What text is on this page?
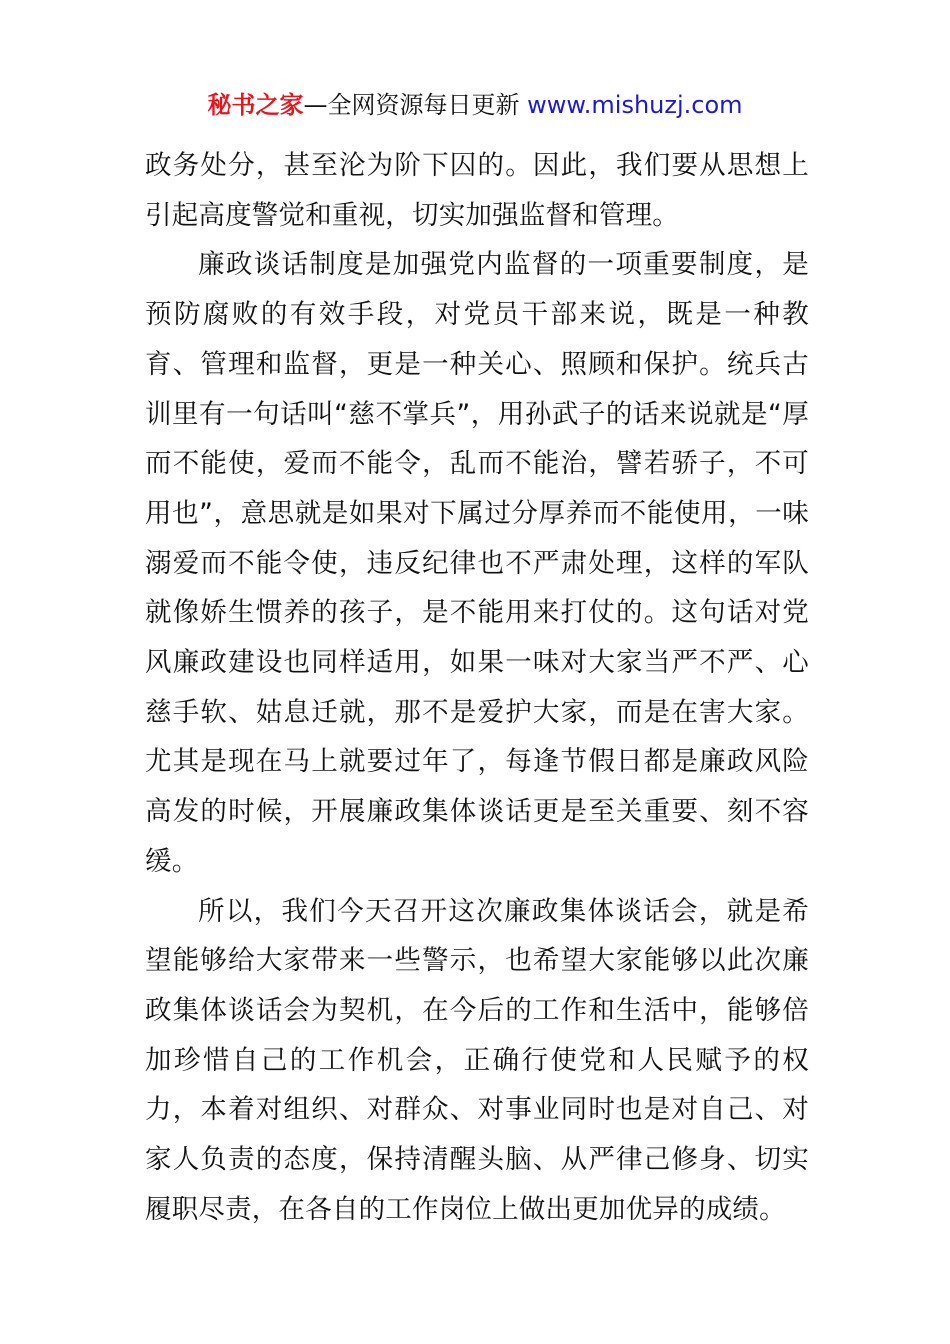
秘书之家—全网资源每日更新 www.mishuzj.com

政务处分，甚至沦为阶下囚的。因此，我们要从思想上引起高度警觉和重视，切实加强监督和管理。

廉政谈话制度是加强党内监督的一项重要制度，是预防腐败的有效手段，对党员干部来说，既是一种教育、管理和监督，更是一种关心、照顾和保护。统兵古训里有一句话叫“慈不掌兵”，用孙武子的话来说就是“厚而不能使，爱而不能令，乱而不能治，譬若骄子，不可用也”，意思就是如果对下属过分厚养而不能使用，一味溺爱而不能令使，违反纪律也不严肃处理，这样的军队就像娇生惯养的孩子，是不能用来打仗的。这句话对党风廉政建设也同样适用，如果一味对大家当严不严、心慈手软、姑息迁就，那不是爱护大家，而是在害大家。尤其是现在马上就要过年了，每逢节假日都是廉政风险高发的时候，开展廉政集体谈话更是至关重要、刻不容缓。

所以，我们今天召开这次廉政集体谈话会，就是希望能够给大家带来一些警示，也希望大家能够以此次廉政集体谈话会为契机，在今后的工作和生活中，能够倍加珍惜自己的工作机会，正确行使党和人民赋予的权力，本着对组织、对群众、对事业同时也是对自己、对家人负责的态度，保持清醒头脑、从严律己修身、切实履职尽责，在各自的工作岗位上做出更加优异的成绩。
